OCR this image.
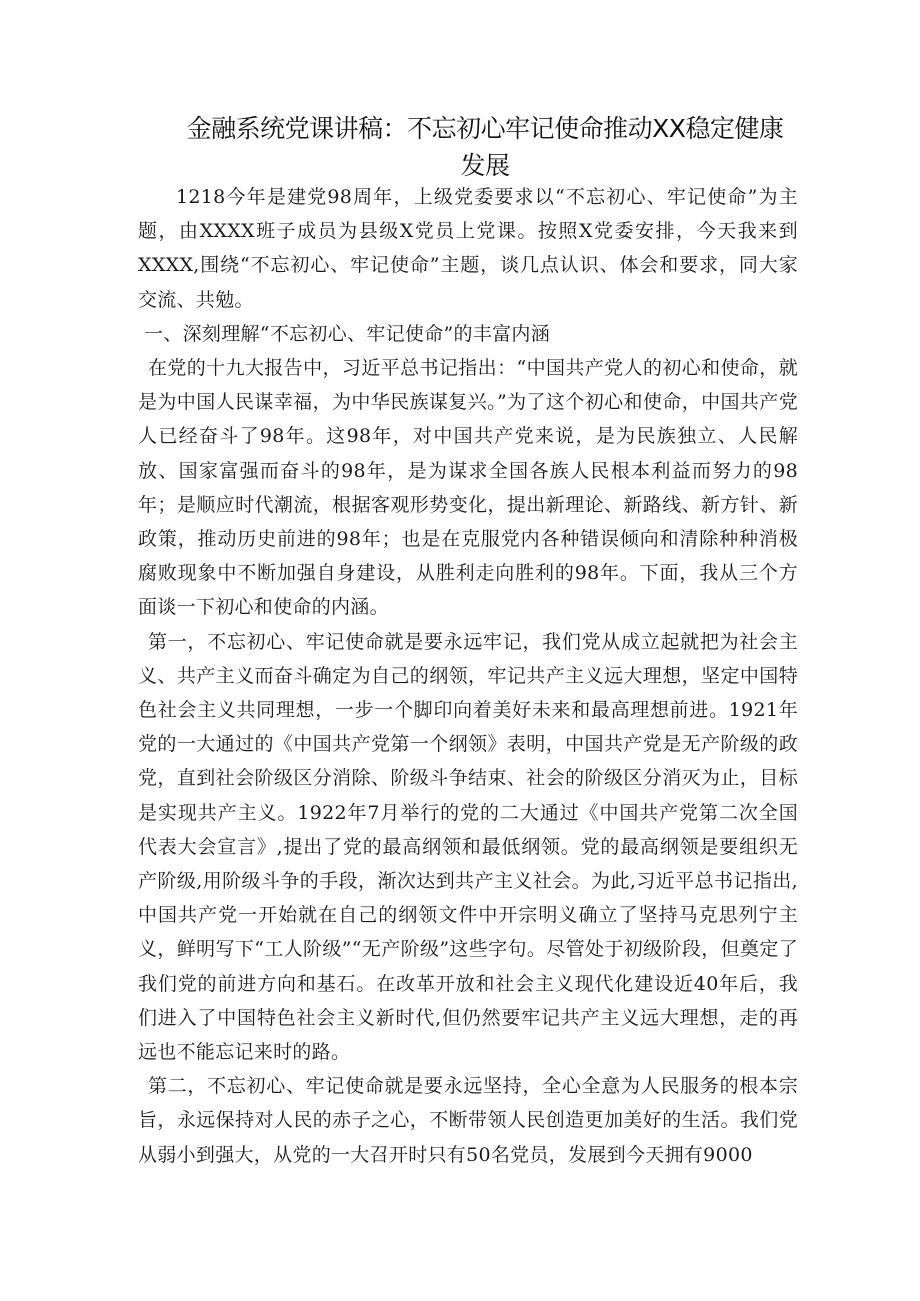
金融系统党课讲稿：不忘初心牢记使命推动XX稳定健康
发展

1218今年是建党98周年，上级党委要求以“不忘初心、牢记使命”为主题，由XXXX班子成员为县级X党员上党课。按照X党委安排，今天我来到XXXX,围绕“不忘初心、牢记使命”主题，谈几点认识、体会和要求，同大家交流、共勉。

一、深刻理解“不忘初心、牢记使命”的丰富内涵

在党的十九大报告中，习近平总书记指出：“中国共产党人的初心和使命，就是为中国人民谋幸福，为中华民族谋复兴。”为了这个初心和使命，中国共产党人已经奋斗了98年。这98年，对中国共产党来说，是为民族独立、人民解放、国家富强而奋斗的98年，是为谋求全国各族人民根本利益而努力的98年；是顺应时代潮流，根据客观形势变化，提出新理论、新路线、新方针、新政策，推动历史前进的98年；也是在克服党内各种错误倾向和清除种种消极腐败现象中不断加强自身建设，从胜利走向胜利的98年。下面，我从三个方面谈一下初心和使命的内涵。

第一，不忘初心、牢记使命就是要永远牢记，我们党从成立起就把为社会主义、共产主义而奋斗确定为自己的纲领，牢记共产主义远大理想，坚定中国特色社会主义共同理想，一步一个脚印向着美好未来和最高理想前进。1921年党的一大通过的《中国共产党第一个纲领》表明，中国共产党是无产阶级的政党，直到社会阶级区分消除、阶级斗争结束、社会的阶级区分消灭为止，目标是实现共产主义。1922年7月举行的党的二大通过《中国共产党第二次全国代表大会宣言》,提出了党的最高纲领和最低纲领。党的最高纲领是要组织无产阶级,用阶级斗争的手段，渐次达到共产主义社会。为此,习近平总书记指出,中国共产党一开始就在自己的纲领文件中开宗明义确立了坚持马克思列宁主义，鲜明写下“工人阶级”“无产阶级”这些字句。尽管处于初级阶段，但奠定了我们党的前进方向和基石。在改革开放和社会主义现代化建设近40年后，我们进入了中国特色社会主义新时代,但仍然要牢记共产主义远大理想，走的再远也不能忘记来时的路。

第二，不忘初心、牢记使命就是要永远坚持，全心全意为人民服务的根本宗旨，永远保持对人民的赤子之心，不断带领人民创造更加美好的生活。我们党从弱小到强大，从党的一大召开时只有50名党员，发展到今天拥有9000
